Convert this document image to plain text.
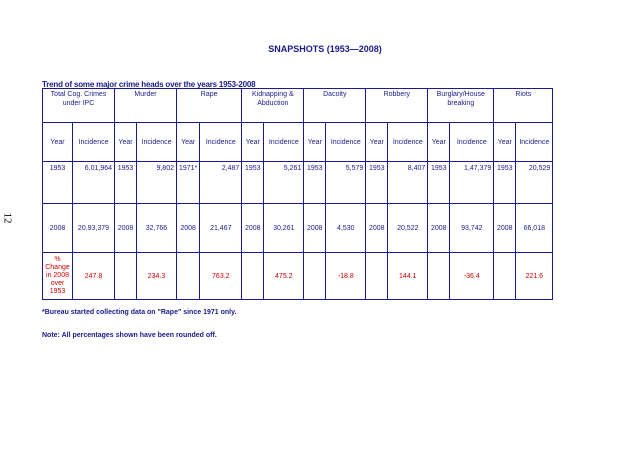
SNAPSHOTS (1953—2008)
12
Trend of some major crime heads over the years 1953-2008
Total Cog. Crimes under IPC		Murder		Rape		Kidnapping & Abduction		Dacoity		Robbery		Burglary/House breaking		Riots	
Year	Incidence	Year	Incidence	Year	Incidence	Year	Incidence	Year	Incidence	Year	Incidence	Year	Incidence	Year	Incidence
1953	6,01,964	1953	9,802	1971*	2,487	1953	5,261	1953	5,579	1953	8,407	1953	1,47,379	1953	20,529
2008	20,93,379	2008	32,766	2008	21,467	2008	30,261	2008	4,530	2008	20,522	2008	93,742	2008	66,018
% Change in 2008 over 1953	247.8		234.3		763.2		475.2		-18.8		144.1		-36.4		221.6
*Bureau started collecting data on "Rape" since 1971 only.
Note: All percentages shown have been rounded off.
